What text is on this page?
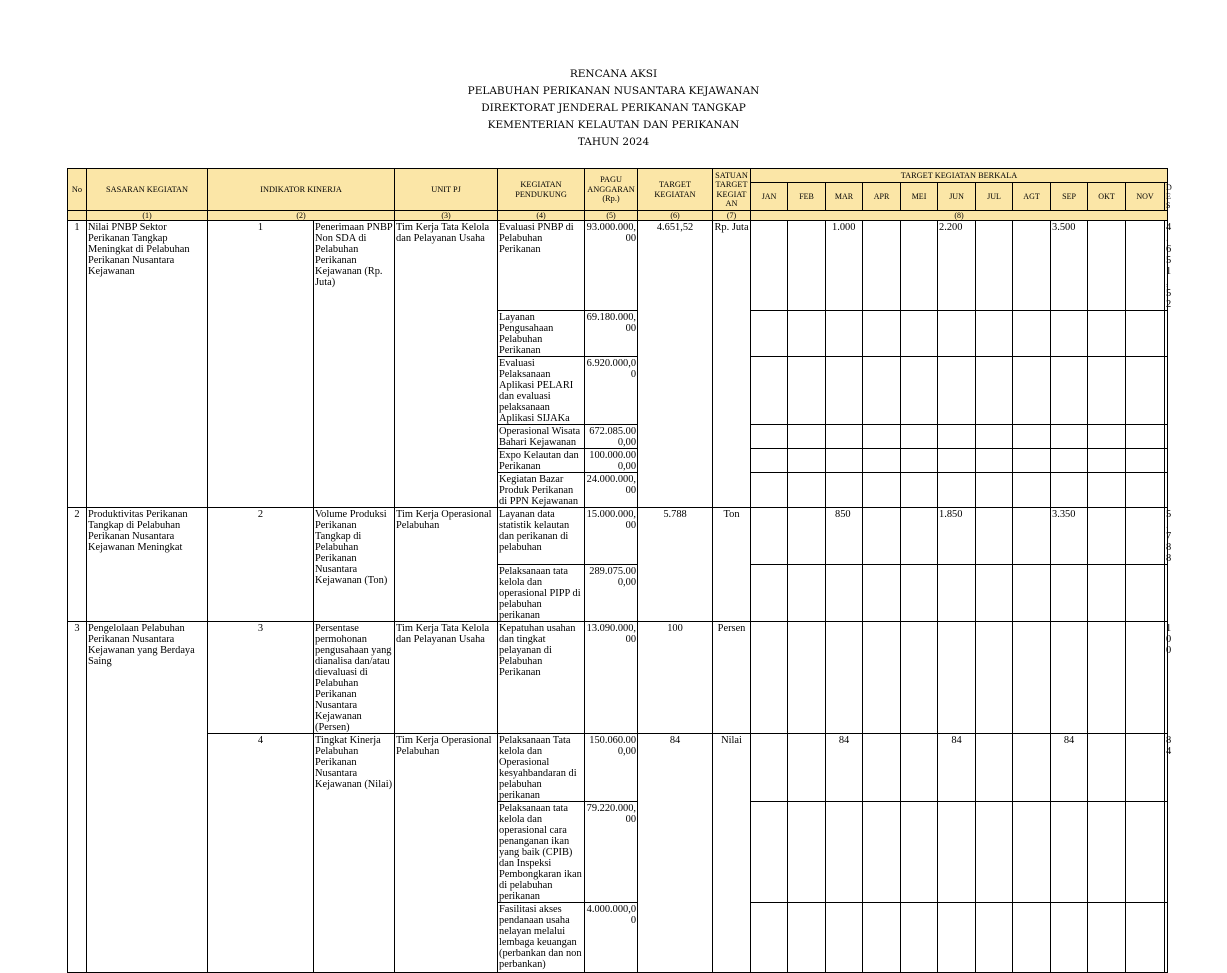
RENCANA AKSI
PELABUHAN PERIKANAN NUSANTARA KEJAWANAN
DIREKTORAT JENDERAL PERIKANAN TANGKAP
KEMENTERIAN KELAUTAN DAN PERIKANAN
TAHUN 2024
No	SASARAN KEGIATAN	INDIKATOR KINERJA		UNIT PJ	KEGIATAN PENDUKUNG	PAGU ANGGARAN (Rp.)	TARGET KEGIATAN	SATUAN TARGET KEGIATAN	TARGET KEGIATAN BERKALA											
									JAN	FEB	MAR	APR	MEI	JUN	JUL	AGT	SEP	OKT	NOV	DES
	(1)	(2)		(3)	(4)	(5)	(6)	(7)	(8)											
1	Nilai PNBP Sektor Perikanan Tangkap Meningkat di Pelabuhan Perikanan Nusantara Kejawanan	1	Penerimaan PNBP Non SDA di Pelabuhan Perikanan Kejawanan (Rp. Juta)	Tim Kerja Tata Kelola dan Pelayanan Usaha	Evaluasi PNBP di Pelabuhan Perikanan	93.000.000,00	4.651,52	Rp. Juta			1.000			2.200			3.500			4.651,52
					Layanan Pengusahaan Pelabuhan Perikanan	69.180.000,00														
					Evaluasi Pelaksanaan Aplikasi PELARI dan evaluasi pelaksanaan Aplikasi SIJAKa	6.920.000,00														
					Operasional Wisata Bahari Kejawanan	672.085.000,00														
					Expo Kelautan dan Perikanan	100.000.000,00														
					Kegiatan Bazar Produk Perikanan di PPN Kejawanan	24.000.000,00														
2	Produktivitas Perikanan Tangkap di Pelabuhan Perikanan Nusantara Kejawanan Meningkat	2	Volume Produksi Perikanan Tangkap di Pelabuhan Perikanan Nusantara Kejawanan (Ton)	Tim Kerja Operasional Pelabuhan	Layanan data statistik kelautan dan perikanan di pelabuhan	15.000.000,00	5.788	Ton			850			1.850			3.350			5.788
					Pelaksanaan tata kelola dan operasional PIPP di pelabuhan perikanan	289.075.000,00														
3	Pengelolaan Pelabuhan Perikanan Nusantara Kejawanan yang Berdaya Saing	3	Persentase permohonan pengusahaan yang dianalisa dan/atau dievaluasi di Pelabuhan Perikanan Nusantara Kejawanan (Persen)	Tim Kerja Tata Kelola dan Pelayanan Usaha	Kepatuhan usahan dan tingkat pelayanan di Pelabuhan Perikanan	13.090.000,00	100	Persen												100
		4	Tingkat Kinerja Pelabuhan Perikanan Nusantara Kejawanan (Nilai)	Tim Kerja Operasional Pelabuhan	Pelaksanaan Tata kelola dan Operasional kesyahbandaran di pelabuhan perikanan	150.060.000,00	84	Nilai			84			84			84			84
					Pelaksanaan tata kelola dan operasional cara penanganan ikan yang baik (CPIB) dan Inspeksi Pembongkaran ikan di pelabuhan perikanan	79.220.000,00														
					Fasilitasi akses pendanaan usaha nelayan melalui lembaga keuangan (perbankan dan non perbankan)	4.000.000,00														
